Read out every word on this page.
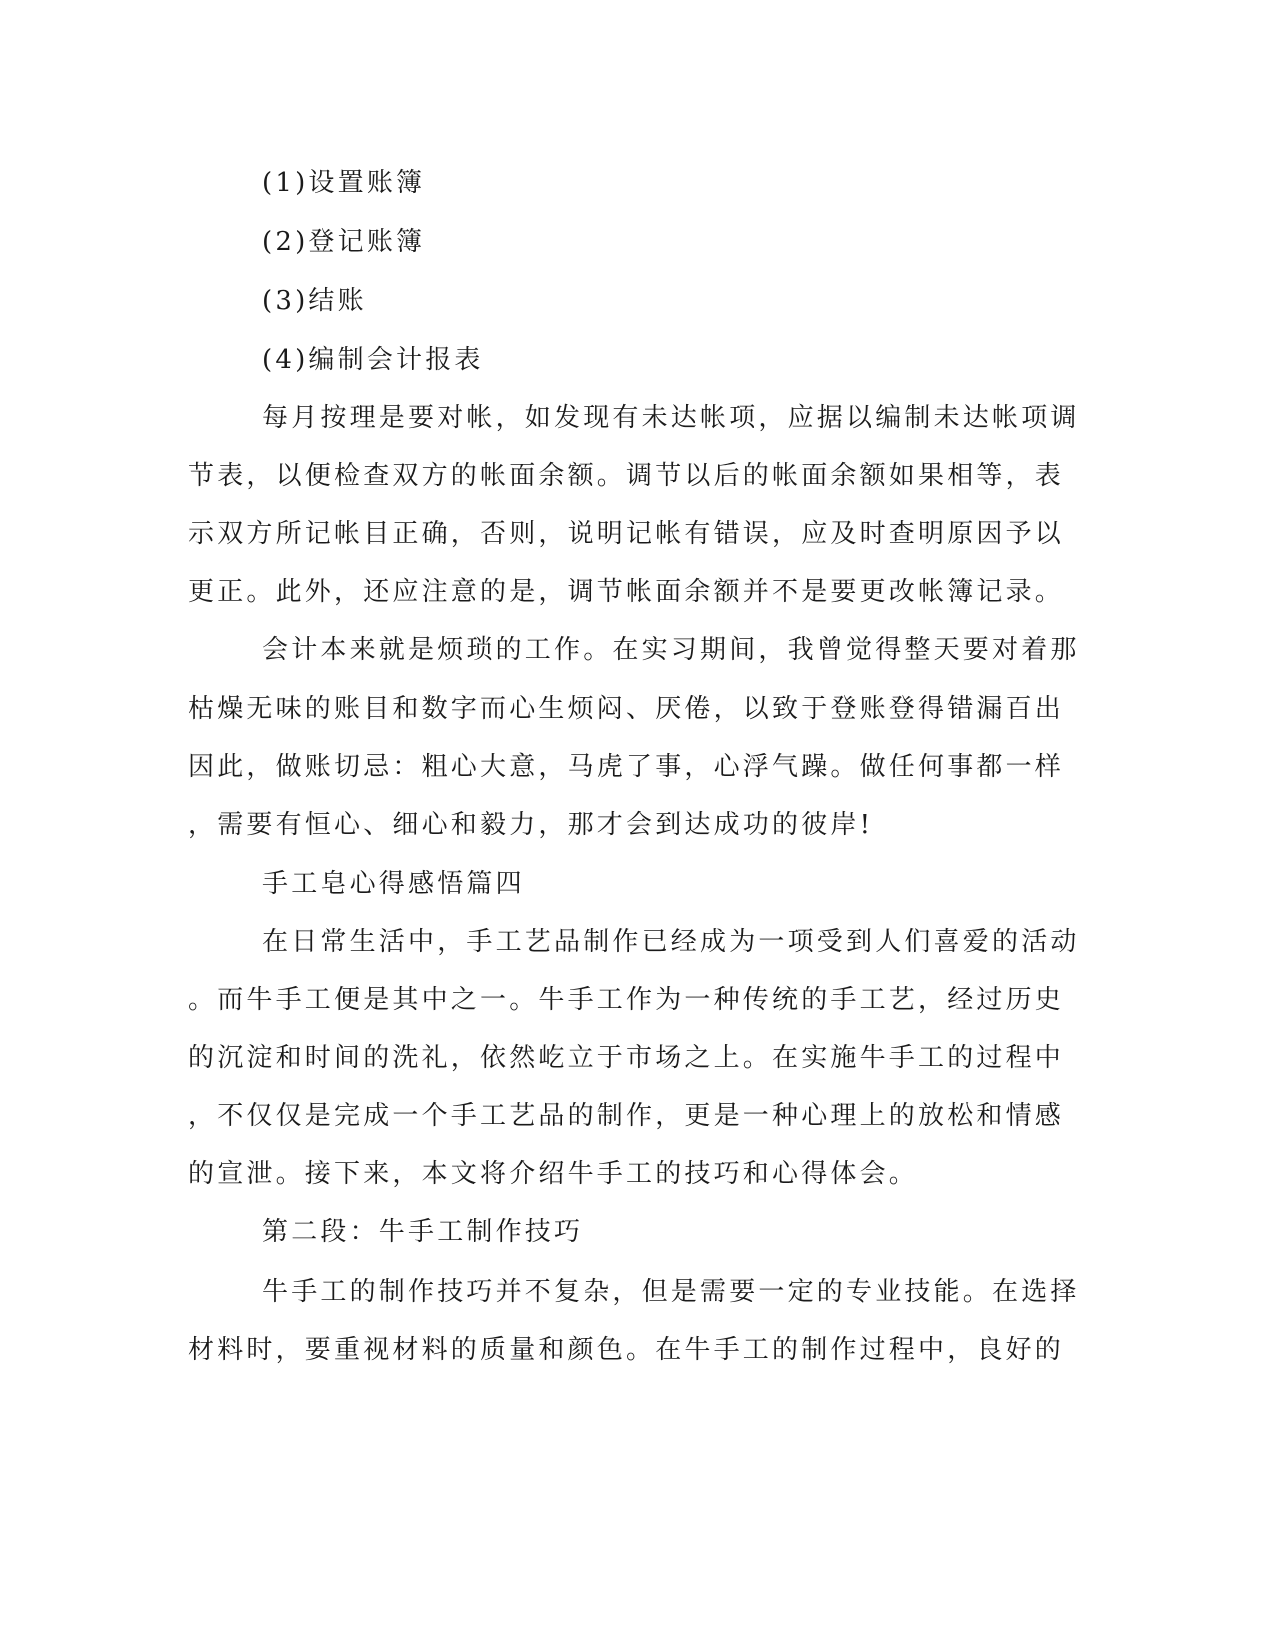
(1)设置账簿
(2)登记账簿
(3)结账
(4)编制会计报表
每月按理是要对帐，如发现有未达帐项，应据以编制未达帐项调
节表，以便检查双方的帐面余额。调节以后的帐面余额如果相等，表
示双方所记帐目正确，否则，说明记帐有错误，应及时查明原因予以
更正。此外，还应注意的是，调节帐面余额并不是要更改帐簿记录。
会计本来就是烦琐的工作。在实习期间，我曾觉得整天要对着那
枯燥无味的账目和数字而心生烦闷、厌倦，以致于登账登得错漏百出
因此，做账切忌：粗心大意，马虎了事，心浮气躁。做任何事都一样
，需要有恒心、细心和毅力，那才会到达成功的彼岸!
手工皂心得感悟篇四
在日常生活中，手工艺品制作已经成为一项受到人们喜爱的活动
。而牛手工便是其中之一。牛手工作为一种传统的手工艺，经过历史
的沉淀和时间的洗礼，依然屹立于市场之上。在实施牛手工的过程中
，不仅仅是完成一个手工艺品的制作，更是一种心理上的放松和情感
的宣泄。接下来，本文将介绍牛手工的技巧和心得体会。
第二段：牛手工制作技巧
牛手工的制作技巧并不复杂，但是需要一定的专业技能。在选择
材料时，要重视材料的质量和颜色。在牛手工的制作过程中，良好的
